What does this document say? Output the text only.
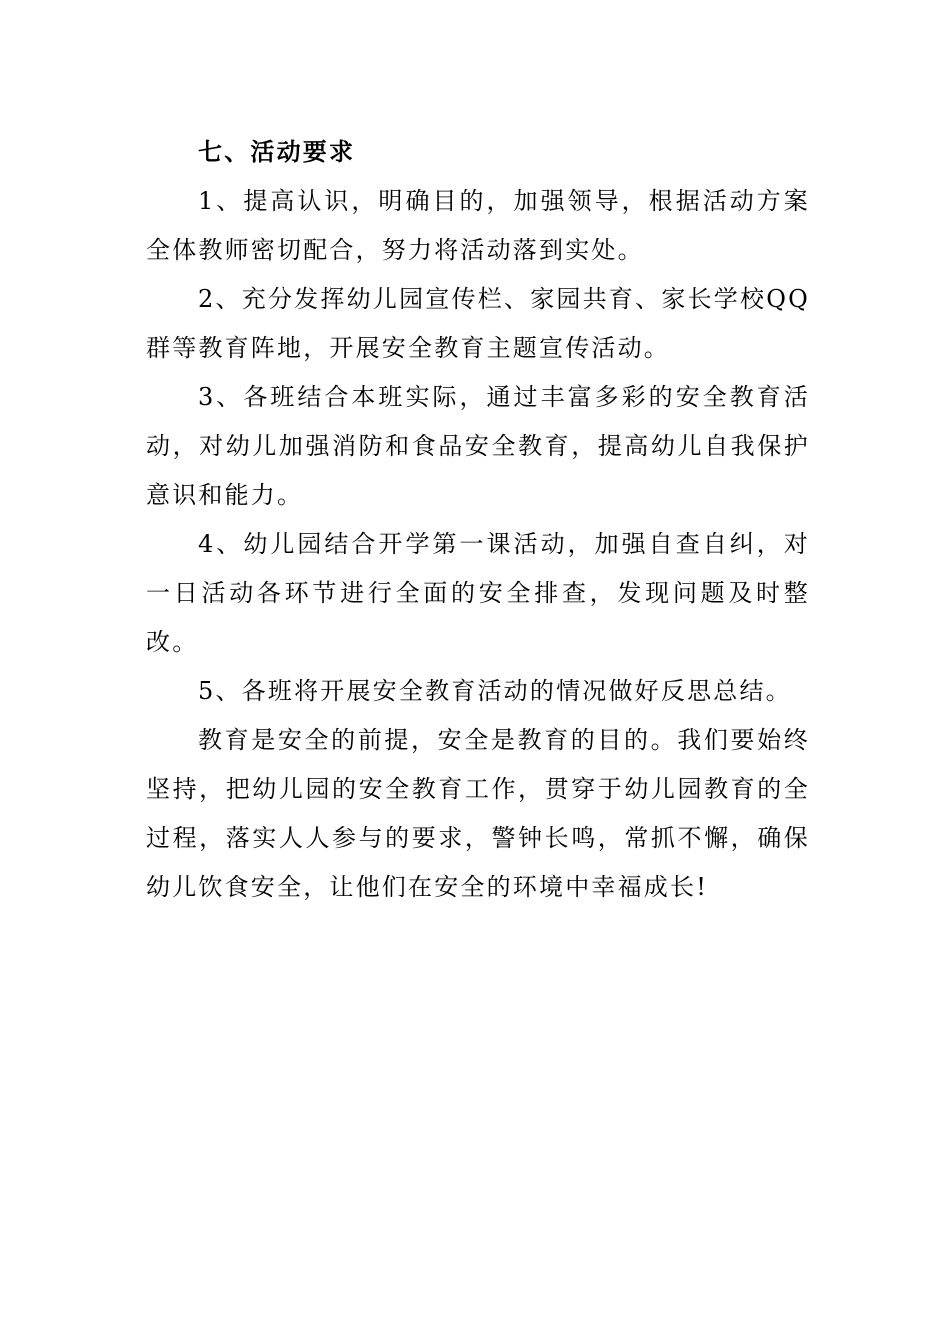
七、活动要求

1、提高认识，明确目的，加强领导，根据活动方案全体教师密切配合，努力将活动落到实处。

2、充分发挥幼儿园宣传栏、家园共育、家长学校QQ群等教育阵地，开展安全教育主题宣传活动。

3、各班结合本班实际，通过丰富多彩的安全教育活动，对幼儿加强消防和食品安全教育，提高幼儿自我保护意识和能力。

4、幼儿园结合开学第一课活动，加强自查自纠，对一日活动各环节进行全面的安全排查，发现问题及时整改。

5、各班将开展安全教育活动的情况做好反思总结。

教育是安全的前提，安全是教育的目的。我们要始终坚持，把幼儿园的安全教育工作，贯穿于幼儿园教育的全过程，落实人人参与的要求，警钟长鸣，常抓不懈，确保幼儿饮食安全，让他们在安全的环境中幸福成长!
